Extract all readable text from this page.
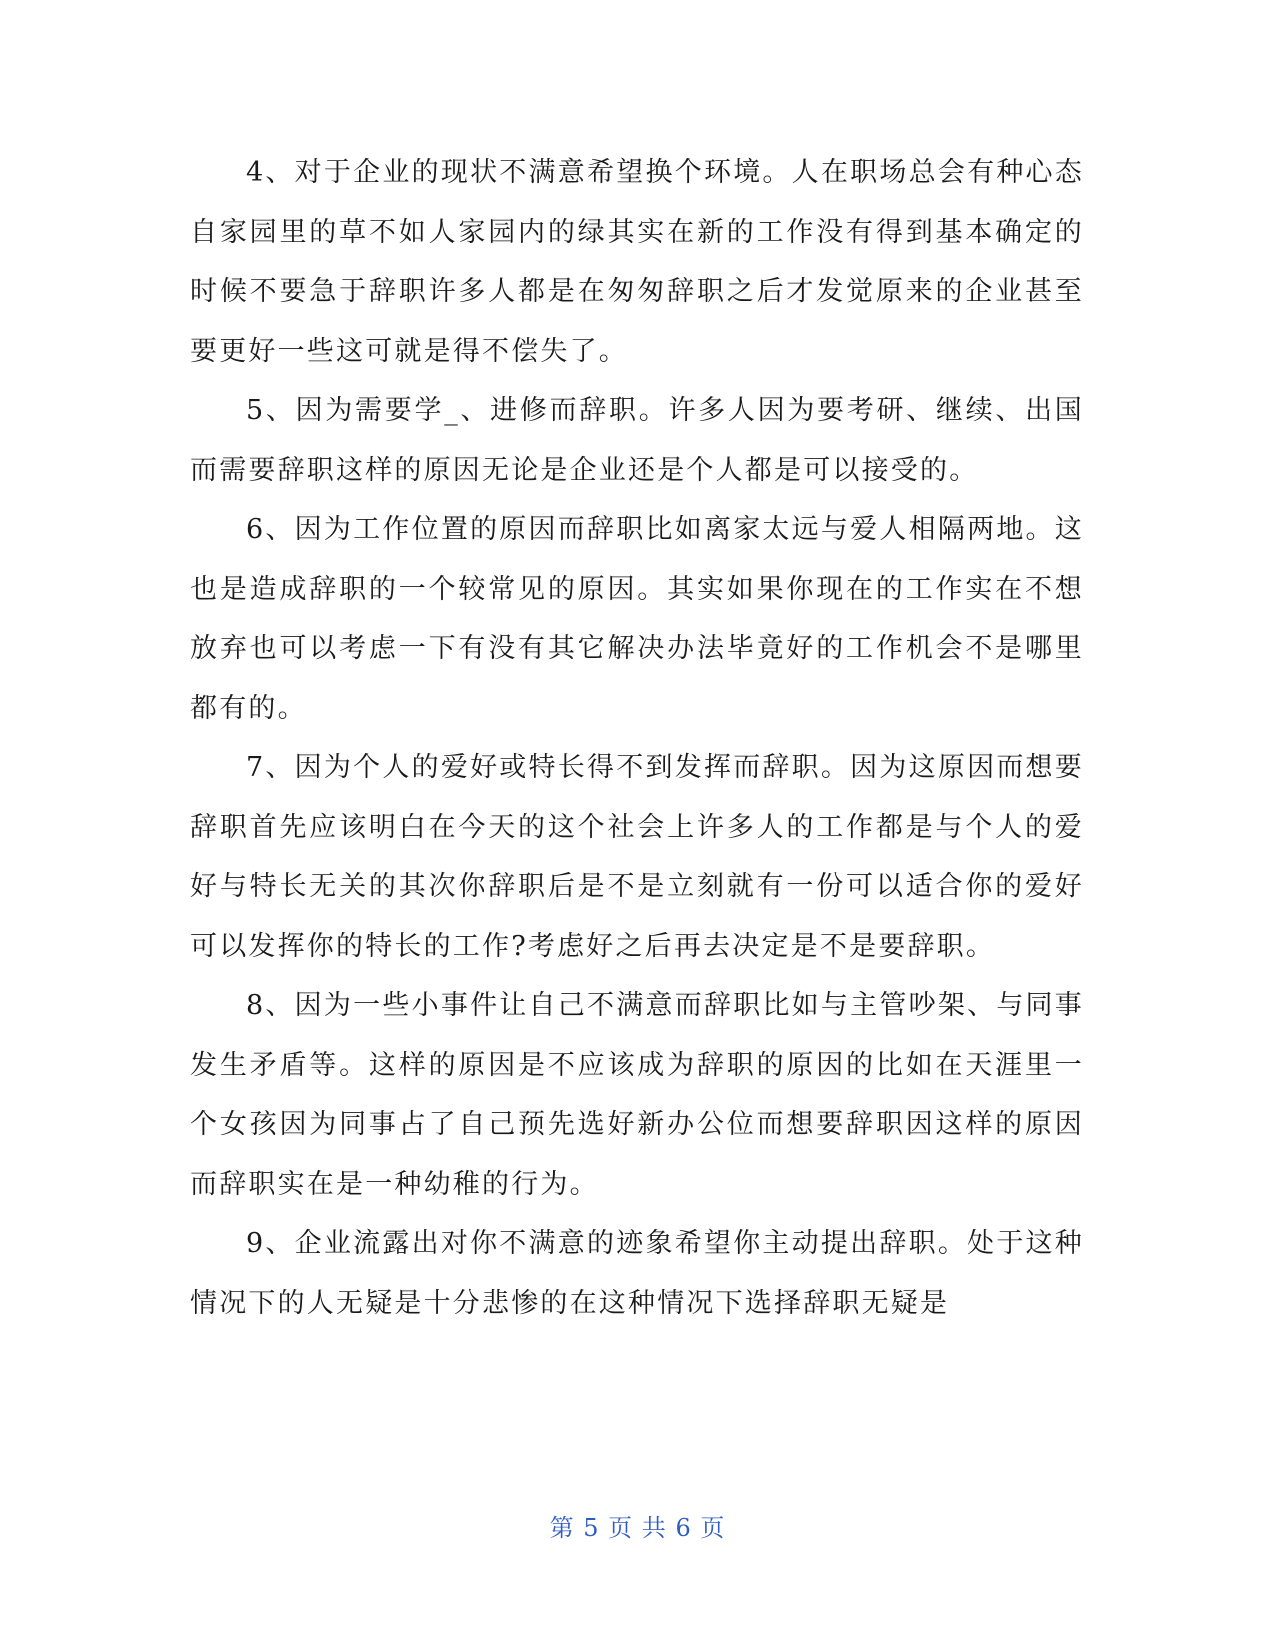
4、对于企业的现状不满意希望换个环境。人在职场总会有种心态自家园里的草不如人家园内的绿其实在新的工作没有得到基本确定的时候不要急于辞职许多人都是在匆匆辞职之后才发觉原来的企业甚至要更好一些这可就是得不偿失了。

5、因为需要学_、进修而辞职。许多人因为要考研、继续、出国而需要辞职这样的原因无论是企业还是个人都是可以接受的。

6、因为工作位置的原因而辞职比如离家太远与爱人相隔两地。这也是造成辞职的一个较常见的原因。其实如果你现在的工作实在不想放弃也可以考虑一下有没有其它解决办法毕竟好的工作机会不是哪里都有的。

7、因为个人的爱好或特长得不到发挥而辞职。因为这原因而想要辞职首先应该明白在今天的这个社会上许多人的工作都是与个人的爱好与特长无关的其次你辞职后是不是立刻就有一份可以适合你的爱好可以发挥你的特长的工作?考虑好之后再去决定是不是要辞职。

8、因为一些小事件让自己不满意而辞职比如与主管吵架、与同事发生矛盾等。这样的原因是不应该成为辞职的原因的比如在天涯里一个女孩因为同事占了自己预先选好新办公位而想要辞职因这样的原因而辞职实在是一种幼稚的行为。

9、企业流露出对你不满意的迹象希望你主动提出辞职。处于这种情况下的人无疑是十分悲惨的在这种情况下选择辞职无疑是

第 5 页 共 6 页
